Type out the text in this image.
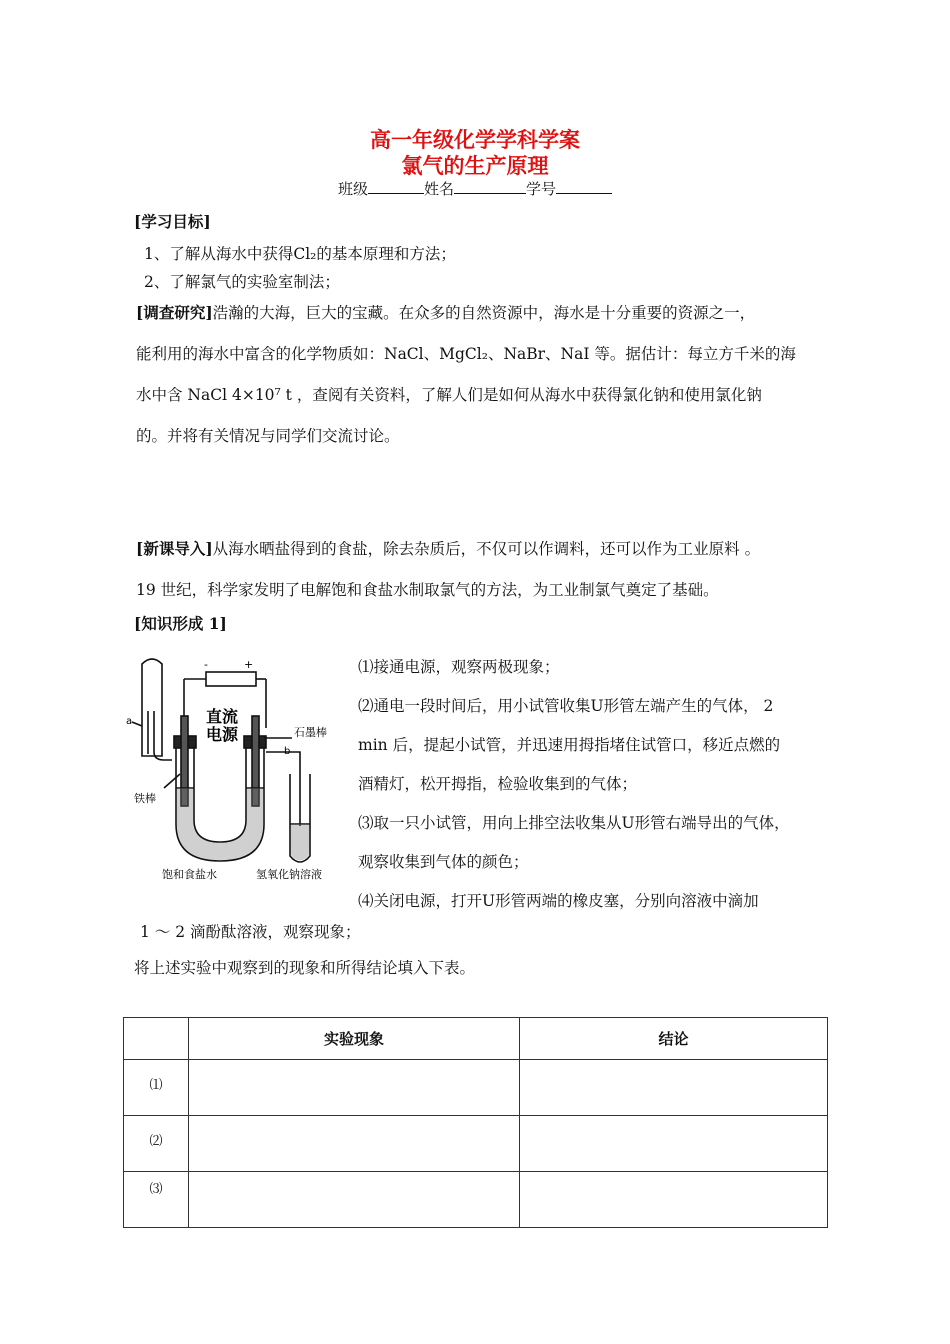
高一年级化学学科学案
氯气的生产原理
班级	姓名	学号
[学习目标]
1、了解从海水中获得Cl₂的基本原理和方法；
2、了解氯气的实验室制法；
[调查研究]浩瀚的大海，巨大的宝藏。在众多的自然资源中，海水是十分重要的资源之一，
能利用的海水中富含的化学物质如：NaCl、MgCl₂、NaBr、NaI 等。据估计：每立方千米的海
水中含 NaCl 4×10⁷ t ，查阅有关资料，了解人们是如何从海水中获得氯化钠和使用氯化钠
的。并将有关情况与同学们交流讨论。
[新课导入]从海水晒盐得到的食盐，除去杂质后，不仅可以作调料，还可以作为工业原料 。
19 世纪，科学家发明了电解饱和食盐水制取氯气的方法，为工业制氯气奠定了基础。
[知识形成 1]
-	+
直流
电源	石墨棒
a
b
铁棒
饱和食盐水	氢氧化钠溶液
⑴接通电源，观察两极现象；
⑵通电一段时间后，用小试管收集U形管左端产生的气体， 2
min 后，提起小试管，并迅速用拇指堵住试管口，移近点燃的
酒精灯，松开拇指，检验收集到的气体；
⑶取一只小试管，用向上排空法收集从U形管右端导出的气体，
观察收集到气体的颜色；
⑷关闭电源，打开U形管两端的橡皮塞，分别向溶液中滴加
1 ～ 2 滴酚酞溶液，观察现象；
将上述实验中观察到的现象和所得结论填入下表。
	实验现象	结论
⑴		
⑵		
⑶		
